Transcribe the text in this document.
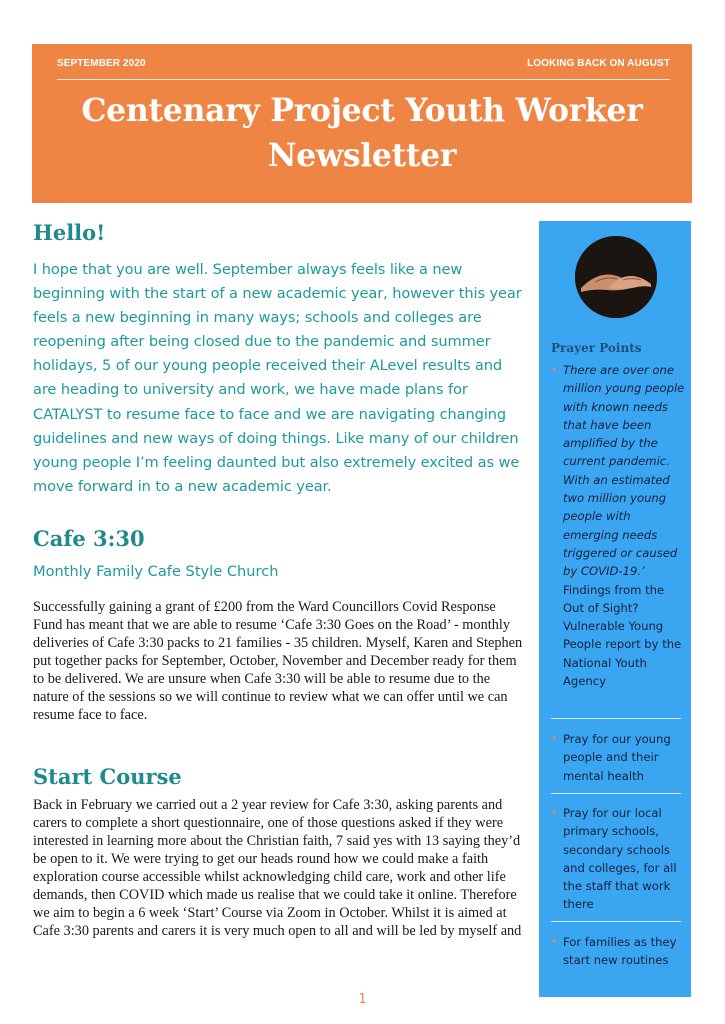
SEPTEMBER 2020	LOOKING BACK ON AUGUST
Centenary Project Youth Worker Newsletter
Hello!

I hope that you are well. September always feels like a new beginning with the start of a new academic year, however this year feels a new beginning in many ways; schools and colleges are reopening after being closed due to the pandemic and summer holidays, 5 of our young people received their ALevel results and are heading to university and work, we have made plans for CATALYST to resume face to face and we are navigating changing guidelines and new ways of doing things. Like many of our children young people I’m feeling daunted but also extremely excited as we move forward in to a new academic year.

Cafe 3:30

Monthly Family Cafe Style Church

Successfully gaining a grant of £200 from the Ward Councillors Covid Response Fund has meant that we are able to resume ‘Cafe 3:30 Goes on the Road’ - monthly deliveries of Cafe 3:30 packs to 21 families - 35 children. Myself, Karen and Stephen put together packs for September, October, November and December ready for them to be delivered. We are unsure when Cafe 3:30 will be able to resume due to the nature of the sessions so we will continue to review what we can offer until we can resume face to face.

Start Course

Back in February we carried out a 2 year review for Cafe 3:30, asking parents and carers to complete a short questionnaire, one of those questions asked if they were interested in learning more about the Christian faith, 7 said yes with 13 saying they’d be open to it. We were trying to get our heads round how we could make a faith exploration course accessible whilst acknowledging child care, work and other life demands, then COVID which made us realise that we could take it online. Therefore we aim to begin a 6 week ‘Start’ Course via Zoom in October. Whilst it is aimed at Cafe 3:30 parents and carers it is very much open to all and will be led by myself and

Prayer Points
• There are over one million young people with known needs that have been amplified by the current pandemic. With an estimated two million young people with emerging needs triggered or caused by COVID-19.’ Findings from the Out of Sight? Vulnerable Young People report by the National Youth Agency

• Pray for our young people and their mental health

• Pray for our local primary schools, secondary schools and colleges, for all the staff that work there

• For families as they start new routines

1
